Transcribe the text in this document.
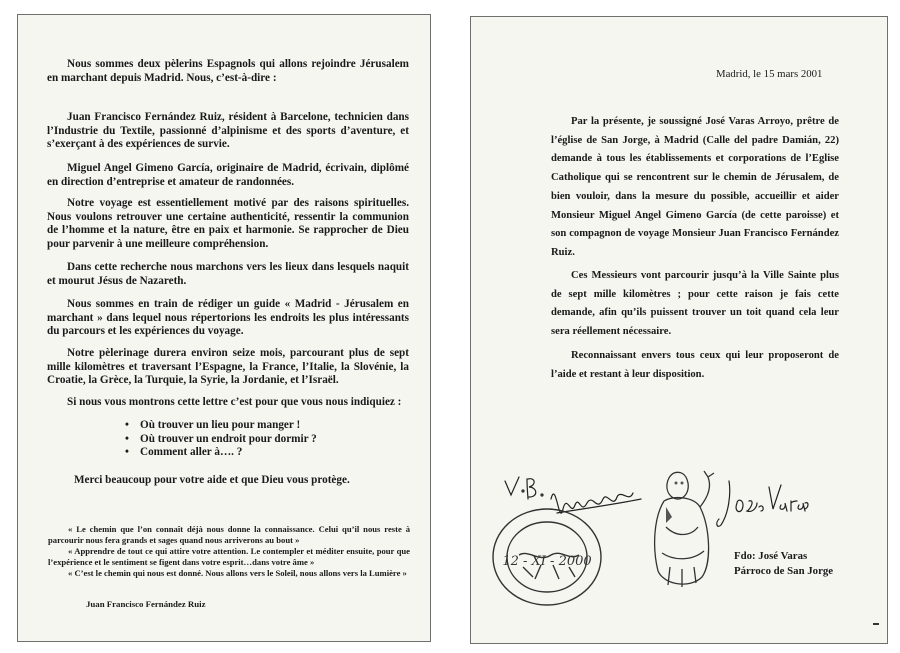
Nous sommes deux pèlerins Espagnols qui allons rejoindre Jérusalem en marchant depuis Madrid. Nous, c’est-à-dire :

Juan Francisco Fernández Ruiz, résident à Barcelone, technicien dans l’Industrie du Textile, passionné d’alpinisme et des sports d’aventure, et s’exerçant à des expériences de survie.

Miguel Angel Gimeno García, originaire de Madrid, écrivain, diplômé en direction d’entreprise et amateur de randonnées.

Notre voyage est essentiellement motivé par des raisons spirituelles. Nous voulons retrouver une certaine authenticité, ressentir la communion de l’homme et la nature, être en paix et harmonie. Se rapprocher de Dieu pour parvenir à une meilleure compréhension.

Dans cette recherche nous marchons vers les lieux dans lesquels naquit et mourut Jésus de Nazareth.

Nous sommes en train de rédiger un guide « Madrid - Jérusalem en marchant » dans lequel nous répertorions les endroits les plus intéressants du parcours et les expériences du voyage.

Notre pèlerinage durera environ seize mois, parcourant plus de sept mille kilomètres et traversant l’Espagne, la France, l’Italie, la Slovénie, la Croatie, la Grèce, la Turquie, la Syrie, la Jordanie, et l’Israël.

Si nous vous montrons cette lettre c’est pour que vous nous indiquiez :

• Où trouver un lieu pour manger !
• Où trouver un endroit pour dormir ?
• Comment aller à…. ?

Merci beaucoup pour votre aide et que Dieu vous protège.

« Le chemin que l’on connaît déjà nous donne la connaissance. Celui qu’il nous reste à parcourir nous fera grands et sages quand nous arriverons au bout »

« Apprendre de tout ce qui attire votre attention. Le contempler et méditer ensuite, pour que l’expérience et le sentiment se figent dans votre esprit…dans votre âme »

« C’est le chemin qui nous est donné. Nous allons vers le Soleil, nous allons vers la Lumière »

Juan Francisco Fernández Ruiz

Madrid, le 15 mars 2001

Par la présente, je soussigné José Varas Arroyo, prêtre de l’église de San Jorge, à Madrid (Calle del padre Damián, 22) demande à tous les établissements et corporations de l’Eglise Catholique qui se rencontrent sur le chemin de Jérusalem, de bien vouloir, dans la mesure du possible, accueillir et aider Monsieur Miguel Angel Gimeno García (de cette paroisse) et son compagnon de voyage Monsieur Juan Francisco Fernández Ruiz.

Ces Messieurs vont parcourir jusqu’à la Ville Sainte plus de sept mille kilomètres ; pour cette raison je fais cette demande, afin qu’ils puissent trouver un toit quand cela leur sera réellement nécessaire.

Reconnaissant envers tous ceux qui leur proposeront de l’aide et restant à leur disposition.

12 - XI - 2000	Fdo: José Varas
Párroco de San Jorge
